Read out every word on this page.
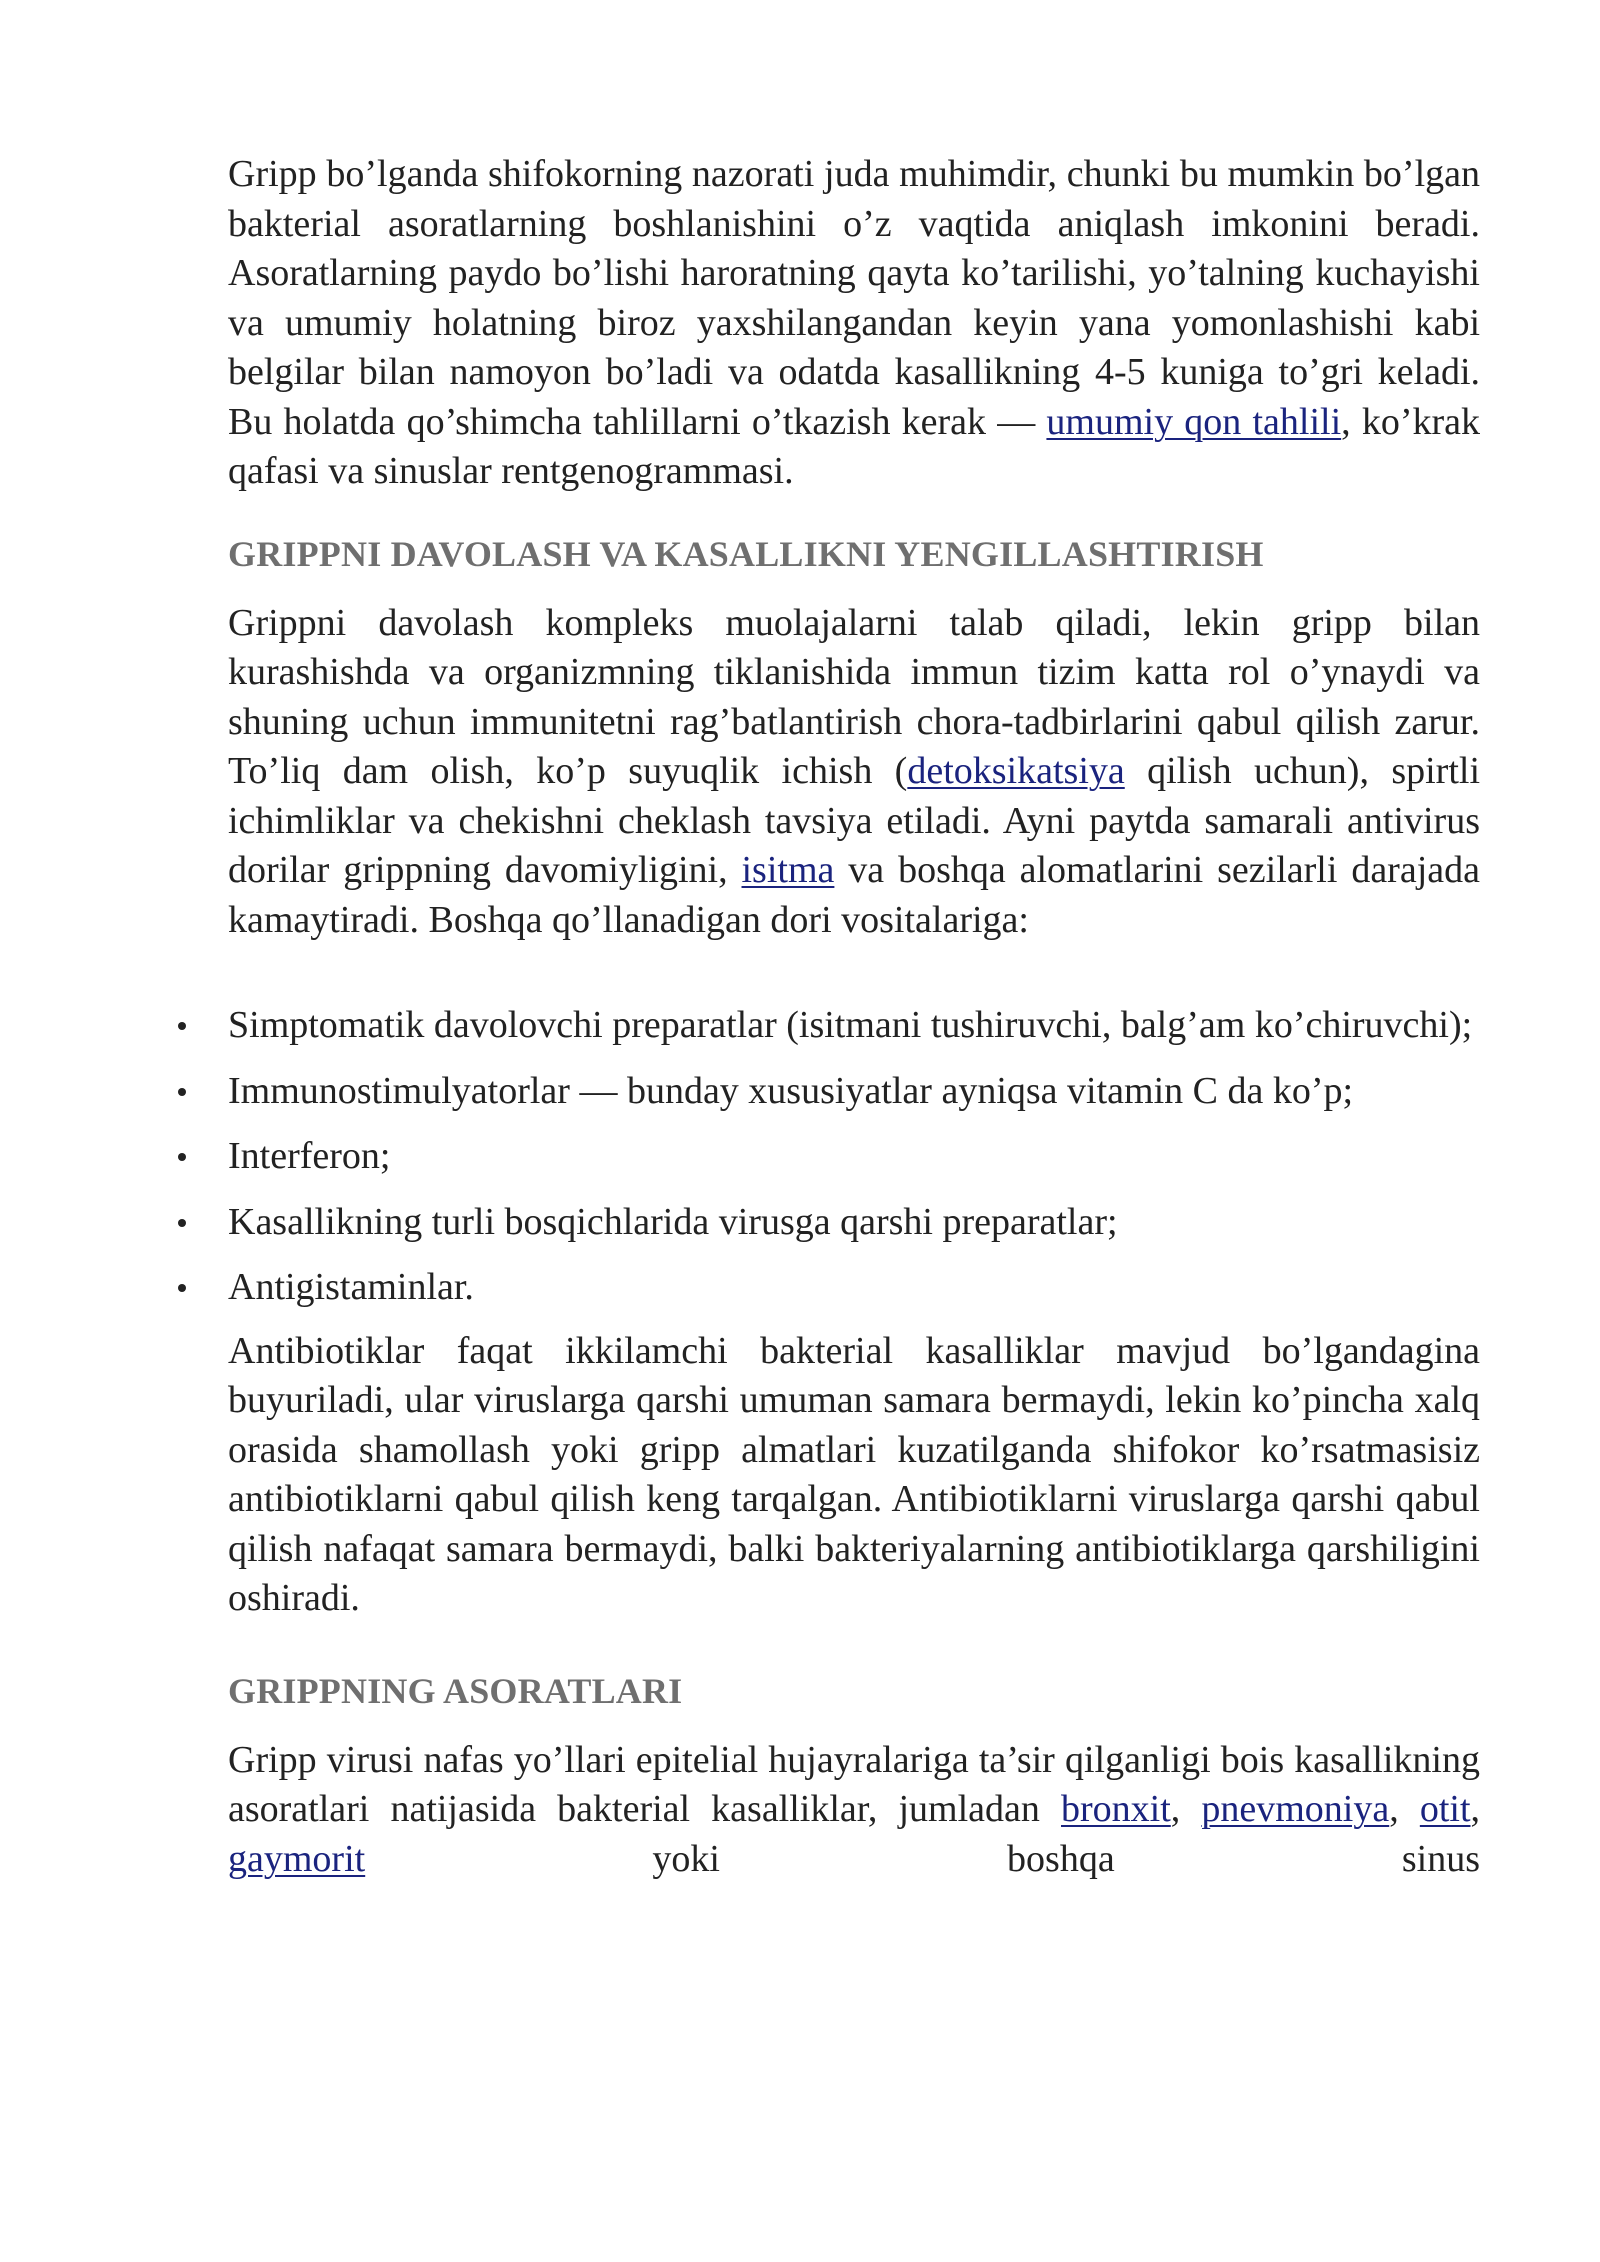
Gripp bo’lganda shifokorning nazorati juda muhimdir, chunki bu mumkin bo’lgan bakterial asoratlarning boshlanishini o’z vaqtida aniqlash imkonini beradi. Asoratlarning paydo bo’lishi haroratning qayta ko’tarilishi, yo’talning kuchayishi va umumiy holatning biroz yaxshilangandan keyin yana yomonlashishi kabi belgilar bilan namoyon bo’ladi va odatda kasallikning 4-5 kuniga to’gri keladi. Bu holatda qo’shimcha tahlillarni o’tkazish kerak — umumiy qon tahlili, ko’krak qafasi va sinuslar rentgenogrammasi.

GRIPPNI DAVOLASH VA KASALLIKNI YENGILLASHTIRISH

Grippni davolash kompleks muolajalarni talab qiladi, lekin gripp bilan kurashishda va organizmning tiklanishida immun tizim katta rol o’ynaydi va shuning uchun immunitetni rag’batlantirish chora-tadbirlarini qabul qilish zarur. To’liq dam olish, ko’p suyuqlik ichish (detoksikatsiya qilish uchun), spirtli ichimliklar va chekishni cheklash tavsiya etiladi. Ayni paytda samarali antivirus dorilar grippning davomiyligini, isitma va boshqa alomatlarini sezilarli darajada kamaytiradi. Boshqa qo’llanadigan dori vositalariga:

Simptomatik davolovchi preparatlar (isitmani tushiruvchi, balg’am ko’chiruvchi);
Immunostimulyatorlar — bunday xususiyatlar ayniqsa vitamin C da ko’p;
Interferon;
Kasallikning turli bosqichlarida virusga qarshi preparatlar;
Antigistaminlar.

Antibiotiklar faqat ikkilamchi bakterial kasalliklar mavjud bo’lgandagina buyuriladi, ular viruslarga qarshi umuman samara bermaydi, lekin ko’pincha xalq orasida shamollash yoki gripp almatlari kuzatilganda shifokor ko’rsatmasisiz antibiotiklarni qabul qilish keng tarqalgan. Antibiotiklarni viruslarga qarshi qabul qilish nafaqat samara bermaydi, balki bakteriyalarning antibiotiklarga qarshiligini oshiradi.

GRIPPNING ASORATLARI

Gripp virusi nafas yo’llari epitelial hujayralariga ta’sir qilganligi bois kasallikning asoratlari natijasida bakterial kasalliklar, jumladan bronxit, pnevmoniya, otit, gaymorit yoki boshqa sinus
